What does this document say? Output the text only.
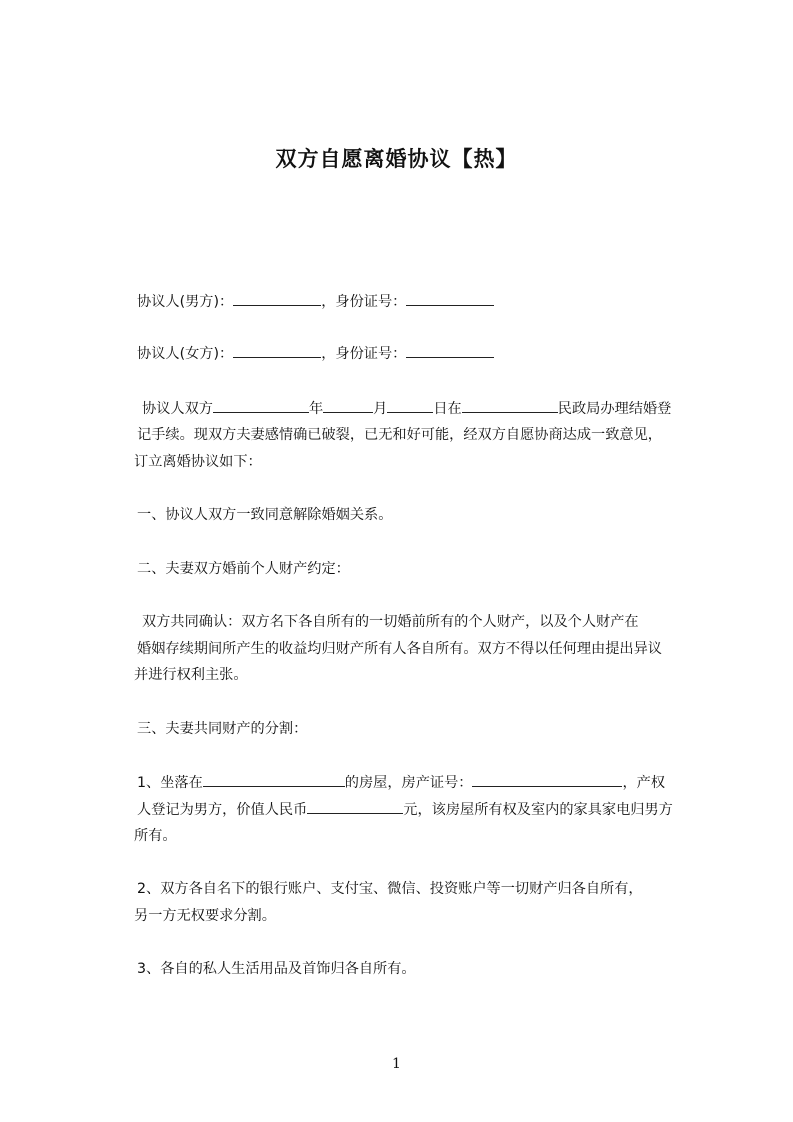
双方自愿离婚协议【热】
协议人(男方)：	，身份证号：
协议人(女方)：	，身份证号：
协议人双方	年	月	日在	民政局办理结婚登
记手续。现双方夫妻感情确已破裂，已无和好可能，经双方自愿协商达成一致意见，
订立离婚协议如下：
一、协议人双方一致同意解除婚姻关系。
二、夫妻双方婚前个人财产约定：
双方共同确认：双方名下各自所有的一切婚前所有的个人财产，以及个人财产在
婚姻存续期间所产生的收益均归财产所有人各自所有。双方不得以任何理由提出异议
并进行权利主张。
三、夫妻共同财产的分割：
1、坐落在	的房屋，房产证号：	，产权
人登记为男方，价值人民币	元，该房屋所有权及室内的家具家电归男方
所有。
2、双方各自名下的银行账户、支付宝、微信、投资账户等一切财产归各自所有，
另一方无权要求分割。
3、各自的私人生活用品及首饰归各自所有。
1
